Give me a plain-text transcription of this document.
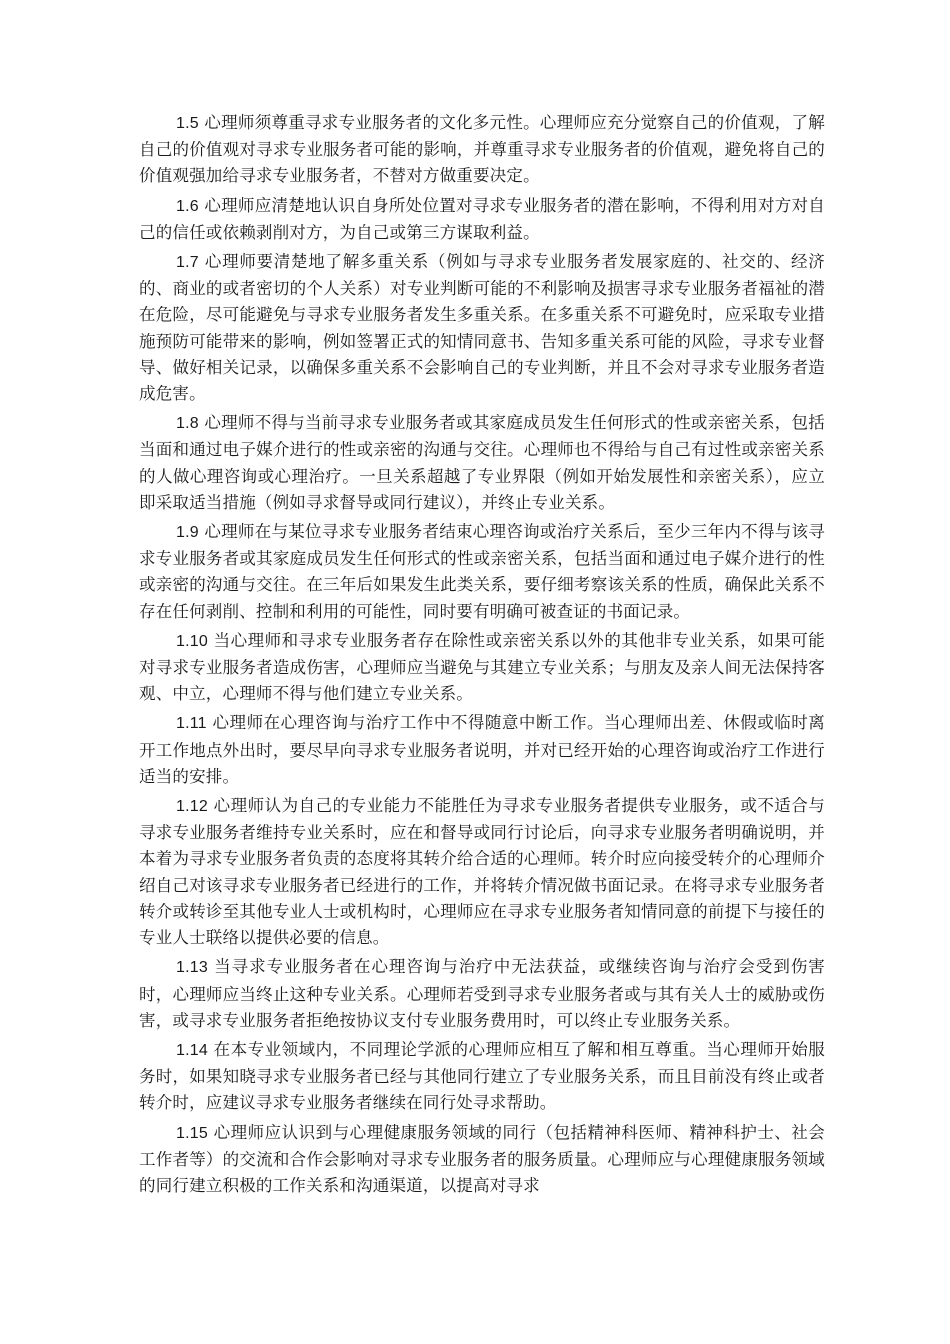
1.5 心理师须尊重寻求专业服务者的文化多元性。心理师应充分觉察自己的价值观，了解自己的价值观对寻求专业服务者可能的影响，并尊重寻求专业服务者的价值观，避免将自己的价值观强加给寻求专业服务者，不替对方做重要决定。

1.6 心理师应清楚地认识自身所处位置对寻求专业服务者的潜在影响，不得利用对方对自己的信任或依赖剥削对方，为自己或第三方谋取利益。

1.7 心理师要清楚地了解多重关系（例如与寻求专业服务者发展家庭的、社交的、经济的、商业的或者密切的个人关系）对专业判断可能的不利影响及损害寻求专业服务者福祉的潜在危险，尽可能避免与寻求专业服务者发生多重关系。在多重关系不可避免时，应采取专业措施预防可能带来的影响，例如签署正式的知情同意书、告知多重关系可能的风险，寻求专业督导、做好相关记录，以确保多重关系不会影响自己的专业判断，并且不会对寻求专业服务者造成危害。

1.8 心理师不得与当前寻求专业服务者或其家庭成员发生任何形式的性或亲密关系，包括当面和通过电子媒介进行的性或亲密的沟通与交往。心理师也不得给与自己有过性或亲密关系的人做心理咨询或心理治疗。一旦关系超越了专业界限（例如开始发展性和亲密关系），应立即采取适当措施（例如寻求督导或同行建议），并终止专业关系。

1.9 心理师在与某位寻求专业服务者结束心理咨询或治疗关系后，至少三年内不得与该寻求专业服务者或其家庭成员发生任何形式的性或亲密关系，包括当面和通过电子媒介进行的性或亲密的沟通与交往。在三年后如果发生此类关系，要仔细考察该关系的性质，确保此关系不存在任何剥削、控制和利用的可能性，同时要有明确可被查证的书面记录。

1.10 当心理师和寻求专业服务者存在除性或亲密关系以外的其他非专业关系，如果可能对寻求专业服务者造成伤害，心理师应当避免与其建立专业关系；与朋友及亲人间无法保持客观、中立，心理师不得与他们建立专业关系。

1.11 心理师在心理咨询与治疗工作中不得随意中断工作。当心理师出差、休假或临时离开工作地点外出时，要尽早向寻求专业服务者说明，并对已经开始的心理咨询或治疗工作进行适当的安排。

1.12 心理师认为自己的专业能力不能胜任为寻求专业服务者提供专业服务，或不适合与寻求专业服务者维持专业关系时，应在和督导或同行讨论后，向寻求专业服务者明确说明，并本着为寻求专业服务者负责的态度将其转介给合适的心理师。转介时应向接受转介的心理师介绍自己对该寻求专业服务者已经进行的工作，并将转介情况做书面记录。在将寻求专业服务者转介或转诊至其他专业人士或机构时，心理师应在寻求专业服务者知情同意的前提下与接任的专业人士联络以提供必要的信息。

1.13 当寻求专业服务者在心理咨询与治疗中无法获益，或继续咨询与治疗会受到伤害时，心理师应当终止这种专业关系。心理师若受到寻求专业服务者或与其有关人士的威胁或伤害，或寻求专业服务者拒绝按协议支付专业服务费用时，可以终止专业服务关系。

1.14 在本专业领域内，不同理论学派的心理师应相互了解和相互尊重。当心理师开始服务时，如果知晓寻求专业服务者已经与其他同行建立了专业服务关系，而且目前没有终止或者转介时，应建议寻求专业服务者继续在同行处寻求帮助。

1.15 心理师应认识到与心理健康服务领域的同行（包括精神科医师、精神科护士、社会工作者等）的交流和合作会影响对寻求专业服务者的服务质量。心理师应与心理健康服务领域的同行建立积极的工作关系和沟通渠道，以提高对寻求
